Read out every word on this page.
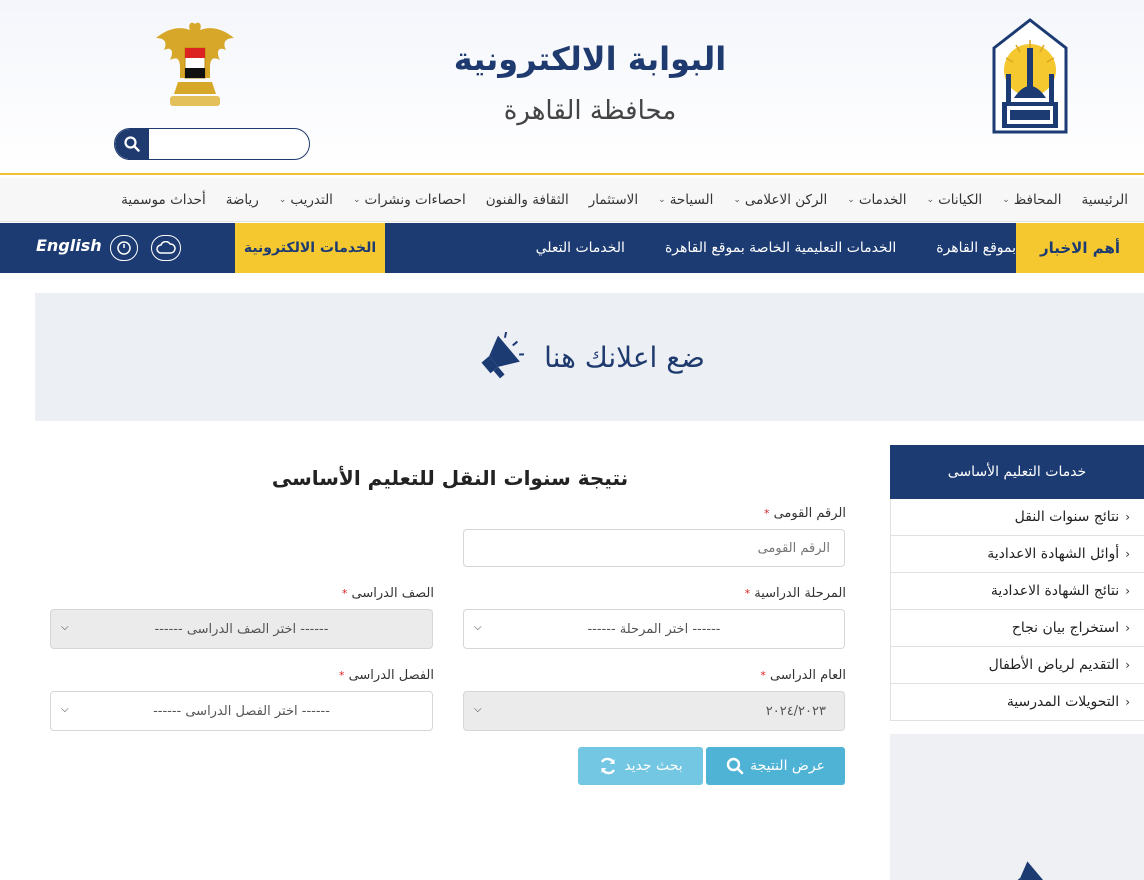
البوابة الالكترونية
محافظة القاهرة
الرئيسية
المحافظ
⌄
الكيانات
⌄
الخدمات
⌄
الركن الاعلامى
⌄
السياحة
⌄
الاستثمار
الثقافة والفنون
احصاءات ونشرات
⌄
التدريب
⌄
رياضة
أحداث موسمية
أهم الاخبار
بموقع القاهرة
الخدمات التعليمية الخاصة بموقع القاهرة
الخدمات التعلي
الخدمات الالكترونية
English
ضع اعلانك هنا
خدمات التعليم الأساسى
‹
نتائج سنوات النقل
‹
أوائل الشهادة الاعدادية
‹
نتائج الشهادة الاعدادية
‹
استخراج بيان نجاح
‹
التقديم لرياض الأطفال
‹
التحويلات المدرسية
نتيجة سنوات النقل للتعليم الأساسى
الرقم القومى *
الرقم القومى
المرحلة الدراسية *
------ اختر المرحلة ------
⌵
الصف الدراسى *
------ اختر الصف الدراسى ------
⌵
العام الدراسى *
٢٠٢٤/٢٠٢٣
⌵
الفصل الدراسى *
------ اختر الفصل الدراسى ------
⌵
عرض النتيجة
بحث جديد
